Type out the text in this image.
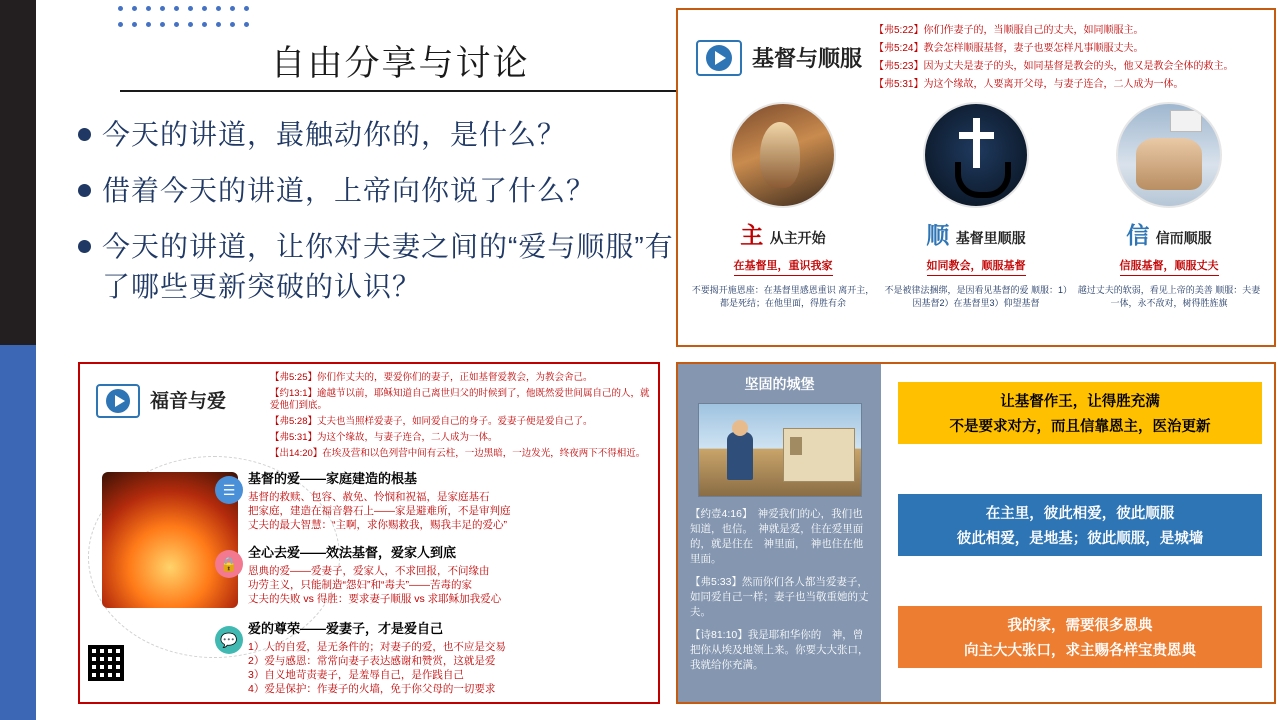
自由分享与讨论
今天的讲道，最触动你的，是什么？
借着今天的讲道，上帝向你说了什么？
今天的讲道，让你对夫妻之间的“爱与顺服”有了哪些更新突破的认识？
基督与顺服

【弗5:22】你们作妻子的，当顺服自己的丈夫，如同顺服主。

【弗5:24】教会怎样顺服基督，妻子也要怎样凡事顺服丈夫。

【弗5:23】因为丈夫是妻子的头，如同基督是教会的头，他又是教会全体的救主。

【弗5:31】为这个缘故，人要离开父母，与妻子连合，二人成为一体。

主 从主开始
在基督里，重识我家
不要揭开施恩座：在基督里感恩重识 离开主，都是死结；在他里面，得胜有余
顺 基督里顺服
如同教会，顺服基督
不是被律法捆绑，是因看见基督的爱 顺服：1）因基督2）在基督里3）仰望基督
信 信而顺服
信服基督，顺服丈夫
越过丈夫的软弱，看见上帝的美善 顺服：夫妻一体，永不敌对，树得胜旌旗
福音与爱

【弗5:25】你们作丈夫的，要爱你们的妻子，正如基督爱教会，为教会舍己。

【约13:1】逾越节以前，耶稣知道自己离世归父的时候到了，他既然爱世间属自己的人，就爱他们到底。

【弗5:28】丈夫也当照样爱妻子，如同爱自己的身子。爱妻子便是爱自己了。

【弗5:31】为这个缘故，与妻子连合，二人成为一体。

【出14:20】在埃及营和以色列营中间有云柱，一边黑暗，一边发光，终夜两下不得相近。

☰
🔒
💬
基督的爱——家庭建造的根基
基督的救赎、包容、赦免、怜悯和祝福，是家庭基石
把家庭，建造在福音磐石上——家是避难所，不是审判庭
丈夫的最大智慧：“主啊，求你赐救我，赐我丰足的爱心”
全心去爱——效法基督，爱家人到底
恩典的爱——爱妻子，爱家人，不求回报，不问缘由
功劳主义，只能制造“怨妇”和“毒夫”——苦毒的家
丈夫的失败 vs 得胜：要求妻子顺服 vs 求耶稣加我爱心
爱的尊荣——爱妻子，才是爱自己
1）人的自爱，是无条件的；对妻子的爱，也不应是交易
2）爱与感恩：常常向妻子表达感谢和赞赏，这就是爱
3）自义地苛责妻子，是羞辱自己，是作践自己
4）爱是保护：作妻子的火墙，免于你父母的一切要求
坚固的城堡

【约壹4:16】　神爱我们的心，我们也知道，也信。　神就是爱，住在爱里面的，就是住在　神里面，　神也住在他里面。

【弗5:33】然而你们各人都当爱妻子，如同爱自己一样；妻子也当敬重她的丈夫。

【诗81:10】我是耶和华你的　神，曾把你从埃及地领上来。你要大大张口，我就给你充满。

让基督作王，让得胜充满
不是要求对方，而且信靠恩主，医治更新
在主里，彼此相爱，彼此顺服
彼此相爱，是地基；彼此顺服，是城墙
我的家，需要很多恩典
向主大大张口，求主赐各样宝贵恩典
